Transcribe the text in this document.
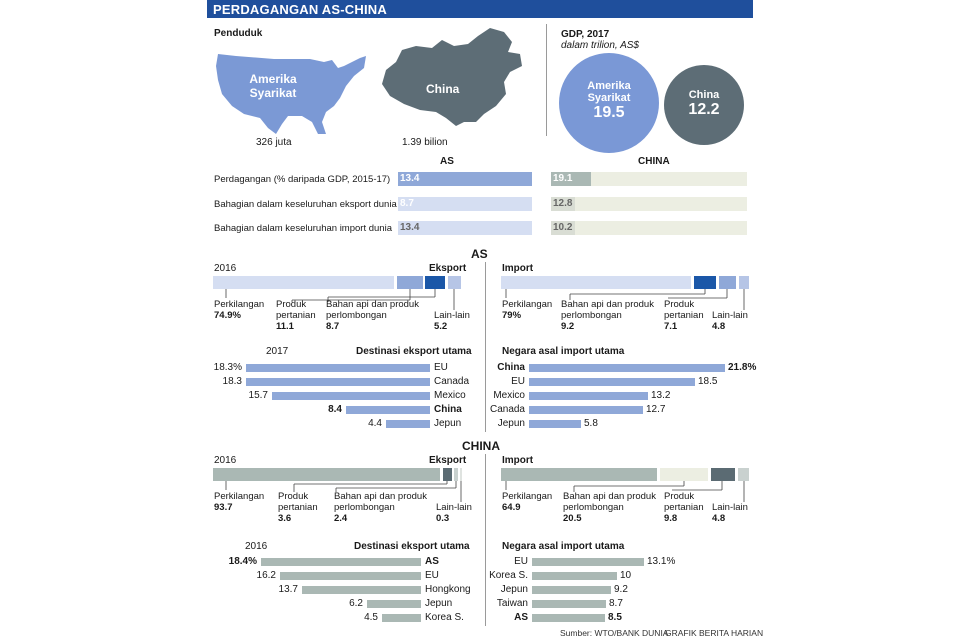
PERDAGANGAN AS-CHINA
Penduduk
Amerika
Syarikat
326 juta
China
1.39 bilion
GDP, 2017
dalam trilion, AS$
Amerika
Syarikat
19.5
China
12.2
AS	CHINA
Perdagangan (% daripada GDP, 2015-17) 13.4	19.1
Bahagian dalam keseluruhan eksport dunia 8.7	12.8
Bahagian dalam keseluruhan import dunia 13.4	10.2
AS
2016	Eksport	Import
Perkilangan
74.9%
Produk
pertanian
11.1
Bahan api dan produk
perlombongan
8.7
Lain-lain
5.2
Perkilangan
79%
Bahan api dan produk
perlombongan
9.2
Produk
pertanian
7.1
Lain-lain
4.8
2017	Destinasi eksport utama	Negara asal import utama
18.3%	EU
18.3	Canada
15.7	Mexico
8.4	China
4.4	Jepun
China	21.8%
EU	18.5
Mexico	13.2
Canada	12.7
Jepun	5.8
CHINA
2016	Eksport	Import
Perkilangan
93.7
Produk
pertanian
3.6
Bahan api dan produk
perlombongan
2.4
Lain-lain
0.3
Perkilangan
64.9
Bahan api dan produk
perlombongan
20.5
Produk
pertanian
9.8
Lain-lain
4.8
2016	Destinasi eksport utama	Negara asal import utama
18.4%	AS
16.2	EU
13.7	Hongkong
6.2	Jepun
4.5	Korea S.
EU	13.1%
Korea S.	10
Jepun	9.2
Taiwan	8.7
AS	8.5
Sumber: WTO/BANK DUNIA
GRAFIK BERITA HARIAN
